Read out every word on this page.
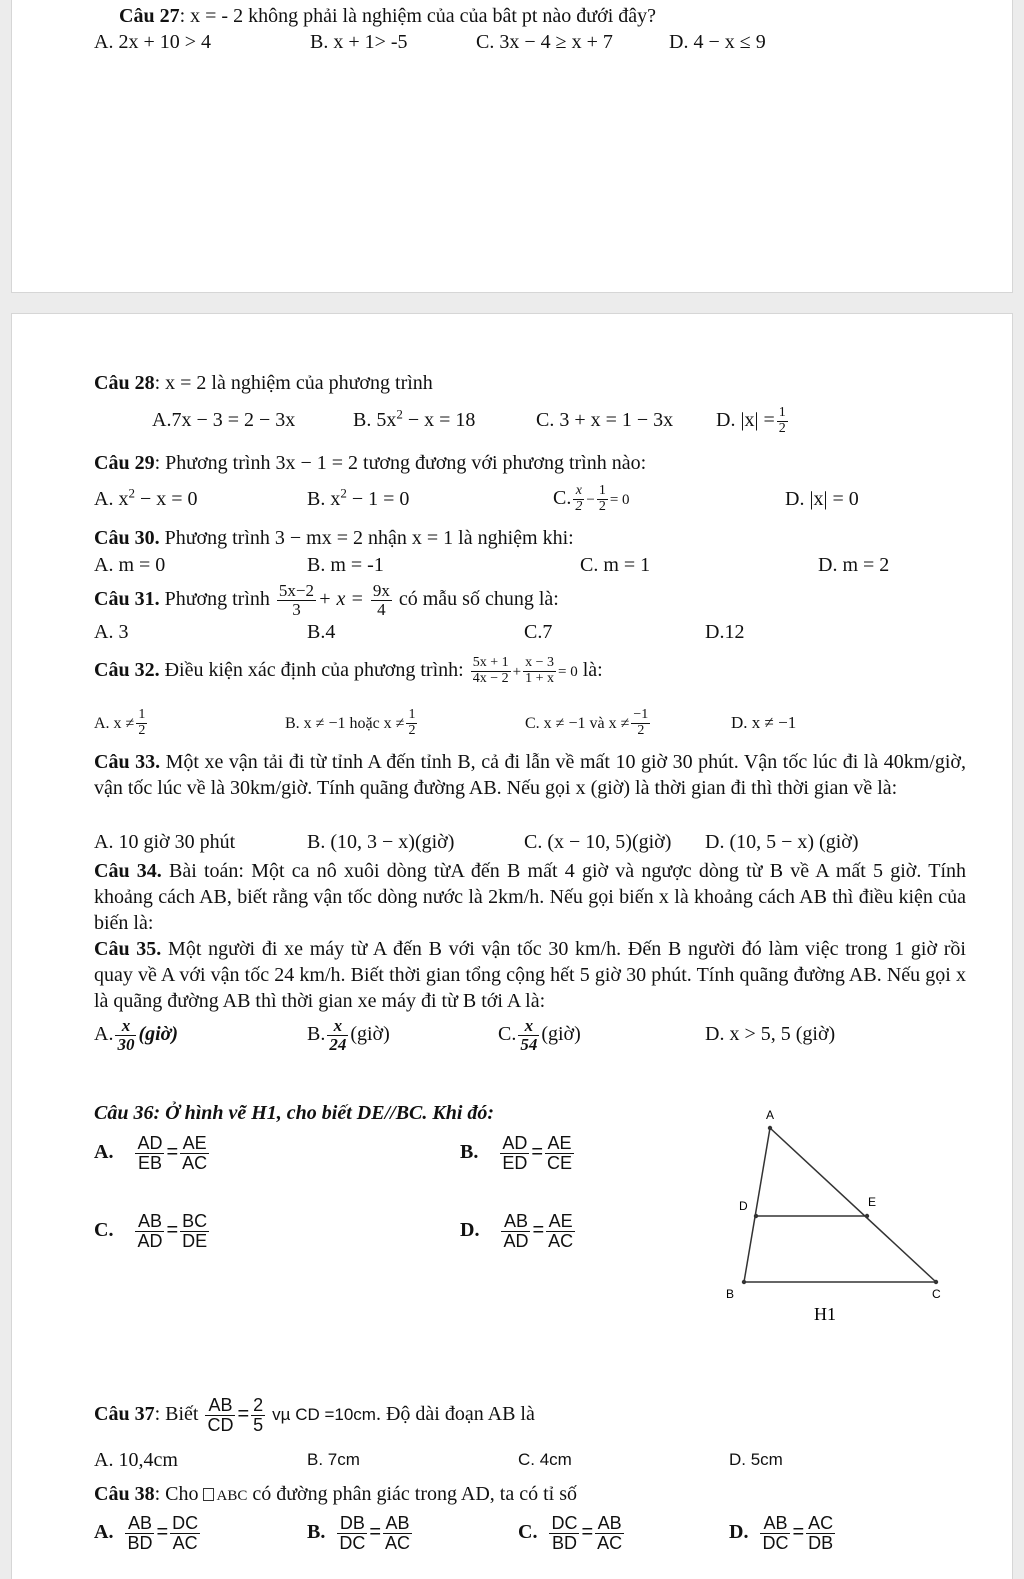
Câu 27: x = - 2 không phải là nghiệm của của bât pt nào đưới đây?
A. 2x + 10 > 4	B. x + 1> -5	C. 3x − 4 ≥ x + 7	D. 4 − x ≤ 9
Câu 28: x = 2 là nghiệm của phương trình
A.7x − 3 = 2 − 3x	B. $5x^2 - x = 18$	C. 3 + x = 1 − 3x D. $|x| = \frac{1}{2}$
Câu 29: Phương trình 3x − 1 = 2 tương đương với phương trình nào:
A. $x^2 - x = 0$	B. $x^2 - 1 = 0$	C. $\frac{x}{2} - \frac{1}{2} = 0$	D. |x| = 0
Câu 30. Phương trình 3 − mx = 2 nhận x = 1 là nghiệm khi:
A. m = 0	B. m = -1	C. m = 1	D. m = 2
Câu 31. Phương trình $\frac{5x-2}{3} + x = \frac{9x}{4}$ có mẫu số chung là:
A. 3	B.4	C.7	D.12
Câu 32. Điều kiện xác định của phương trình: $\frac{5x + 1}{4x - 2} + \frac{x - 3}{1 + x} = 0$ là:
A. $x \ne \frac{1}{2}$	B. x ≠ −1 hoặc $x \ne \frac{1}{2}$	C. x ≠ −1 và $x \ne \frac{-1}{2}$	D. x ≠ −1
Câu 33. Một xe vận tải đi từ tỉnh A đến tỉnh B, cả đi lẫn về mất 10 giờ 30 phút. Vận tốc lúc đi là 40km/giờ, vận tốc lúc về là 30km/giờ. Tính quãng đường AB. Nếu gọi x (giờ) là thời gian đi thì thời gian về là:
A. 10 giờ 30 phút	B. (10, 3 − x)(giờ)	C. (x − 10, 5)(giờ) D. (10, 5 − x) (giờ)
Câu 34. Bài toán: Một ca nô xuôi dòng từA đến B mất 4 giờ và ngược dòng từ B về A mất 5 giờ. Tính khoảng cách AB, biết rằng vận tốc dòng nước là 2km/h. Nếu gọi biến x là khoảng cách AB thì điều kiện của biến là:
Câu 35. Một người đi xe máy từ A đến B với vận tốc 30 km/h. Đến B người đó làm việc trong 1 giờ rồi quay về A với vận tốc 24 km/h. Biết thời gian tổng cộng hết 5 giờ 30 phút. Tính quãng đường AB. Nếu gọi x là quãng đường AB thì thời gian xe máy đi từ B tới A là:
A. $\frac{x}{30}$ (giờ)	B. $\frac{x}{24}$ (giờ)	C. $\frac{x}{54}$ (giờ)	D. x > 5, 5 (giờ)
Câu 36: Ở hình vẽ H1, cho biết DE//BC. Khi đó:
A. $\frac{AD}{EB} = \frac{AE}{AC}$	B. $\frac{AD}{ED} = \frac{AE}{CE}$
C. $\frac{AB}{AD} = \frac{BC}{DE}$	D. $\frac{AB}{AD} = \frac{AE}{AC}$
A
D	E
B	C
H1
Câu 37: Biết $\frac{AB}{CD} = \frac{2}{5}$ vµ CD =10cm. Độ dài đoạn AB là
A. 10,4cm	B. 7cm	C. 4cm	D. 5cm
Câu 38: Cho ABC có đường phân giác trong AD, ta có tỉ số
A. $\frac{AB}{BD} = \frac{DC}{AC}$	B. $\frac{DB}{DC} = \frac{AB}{AC}$	C. $\frac{DC}{BD} = \frac{AB}{AC}$	D. $\frac{AB}{DC} = \frac{AC}{DB}$
